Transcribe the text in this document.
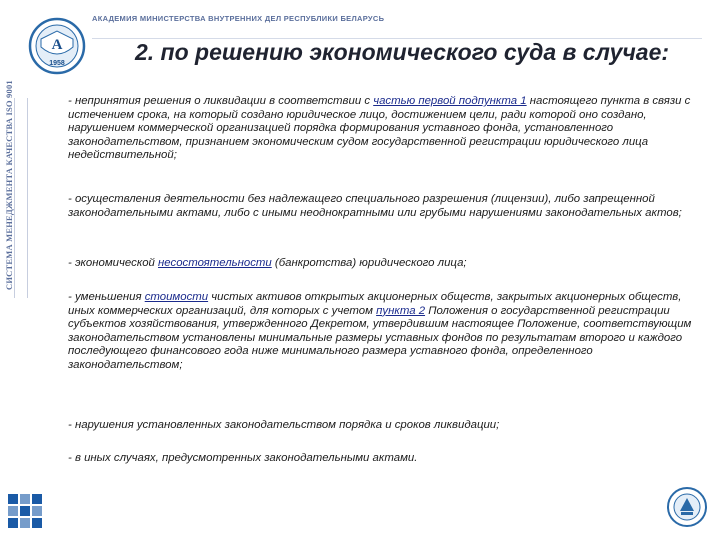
СИСТЕМА МЕНЕДЖМЕНТА КАЧЕСТВА ISO 9001
A
1958
АКАДЕМИЯ МИНИСТЕРСТВА ВНУТРЕННИХ ДЕЛ РЕСПУБЛИКИ БЕЛАРУСЬ
2. по решению экономического суда в случае:
- непринятия решения о ликвидации в соответствии с частью первой подпункта 1 настоящего пункта в связи с истечением срока, на который создано юридическое лицо, достижением цели, ради которой оно создано, нарушением коммерческой организацией порядка формирования уставного фонда, установленного законодательством, признанием экономическим судом государственной регистрации юридического лица недействительной;
- осуществления деятельности без надлежащего специального разрешения (лицензии), либо запрещенной законодательными актами, либо с иными неоднократными или грубыми нарушениями законодательных актов;
- экономической несостоятельности (банкротства) юридического лица;
- уменьшения стоимости чистых активов открытых акционерных обществ, закрытых акционерных обществ, иных коммерческих организаций, для которых с учетом пункта 2 Положения о государственной регистрации субъектов хозяйствования, утвержденного Декретом, утвердившим настоящее Положение, соответствующим законодательством установлены минимальные размеры уставных фондов по результатам второго и каждого последующего финансового года ниже минимального размера уставного фонда, определенного законодательством;
- нарушения установленных законодательством порядка и сроков ликвидации;
- в иных случаях, предусмотренных законодательными актами.
